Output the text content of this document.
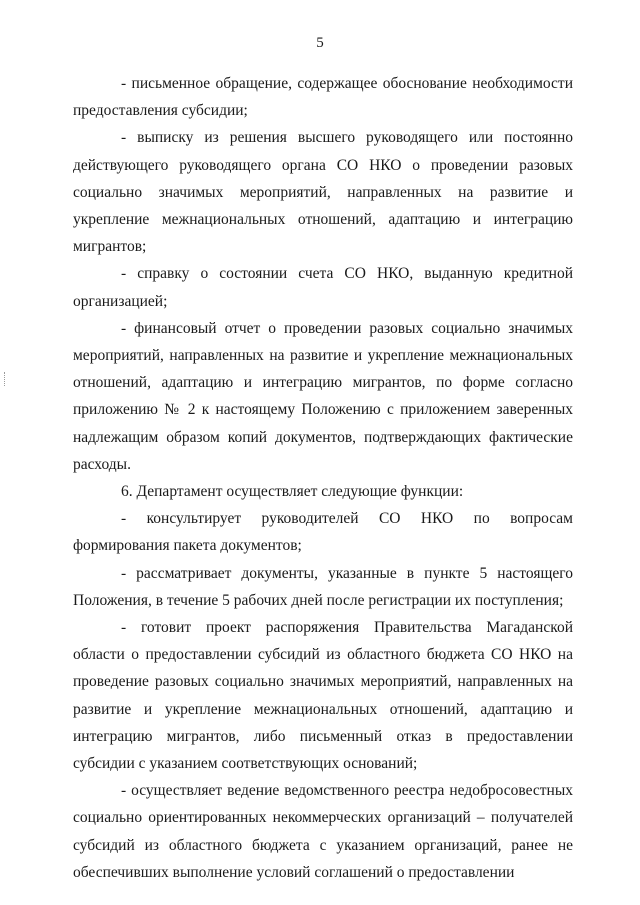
5

- письменное обращение, содержащее обоснование необходимости предоставления субсидии;

- выписку из решения высшего руководящего или постоянно действующего руководящего органа СО НКО о проведении разовых социально значимых мероприятий, направленных на развитие и укрепление межнациональных отношений, адаптацию и интеграцию мигрантов;

- справку о состоянии счета СО НКО, выданную кредитной организацией;

- финансовый отчет о проведении разовых социально значимых мероприятий, направленных на развитие и укрепление межнациональных отношений, адаптацию и интеграцию мигрантов, по форме согласно приложению № 2 к настоящему Положению с приложением заверенных надлежащим образом копий документов, подтверждающих фактические расходы.

6. Департамент осуществляет следующие функции:

- консультирует руководителей СО НКО по вопросам формирования пакета документов;

- рассматривает документы, указанные в пункте 5 настоящего Положения, в течение 5 рабочих дней после регистрации их поступления;

- готовит проект распоряжения Правительства Магаданской области о предоставлении субсидий из областного бюджета СО НКО на проведение разовых социально значимых мероприятий, направленных на развитие и укрепление межнациональных отношений, адаптацию и интеграцию мигрантов, либо письменный отказ в предоставлении субсидии с указанием соответствующих оснований;

- осуществляет ведение ведомственного реестра недобросовестных социально ориентированных некоммерческих организаций – получателей субсидий из областного бюджета с указанием организаций, ранее не обеспечивших выполнение условий соглашений о предоставлении
